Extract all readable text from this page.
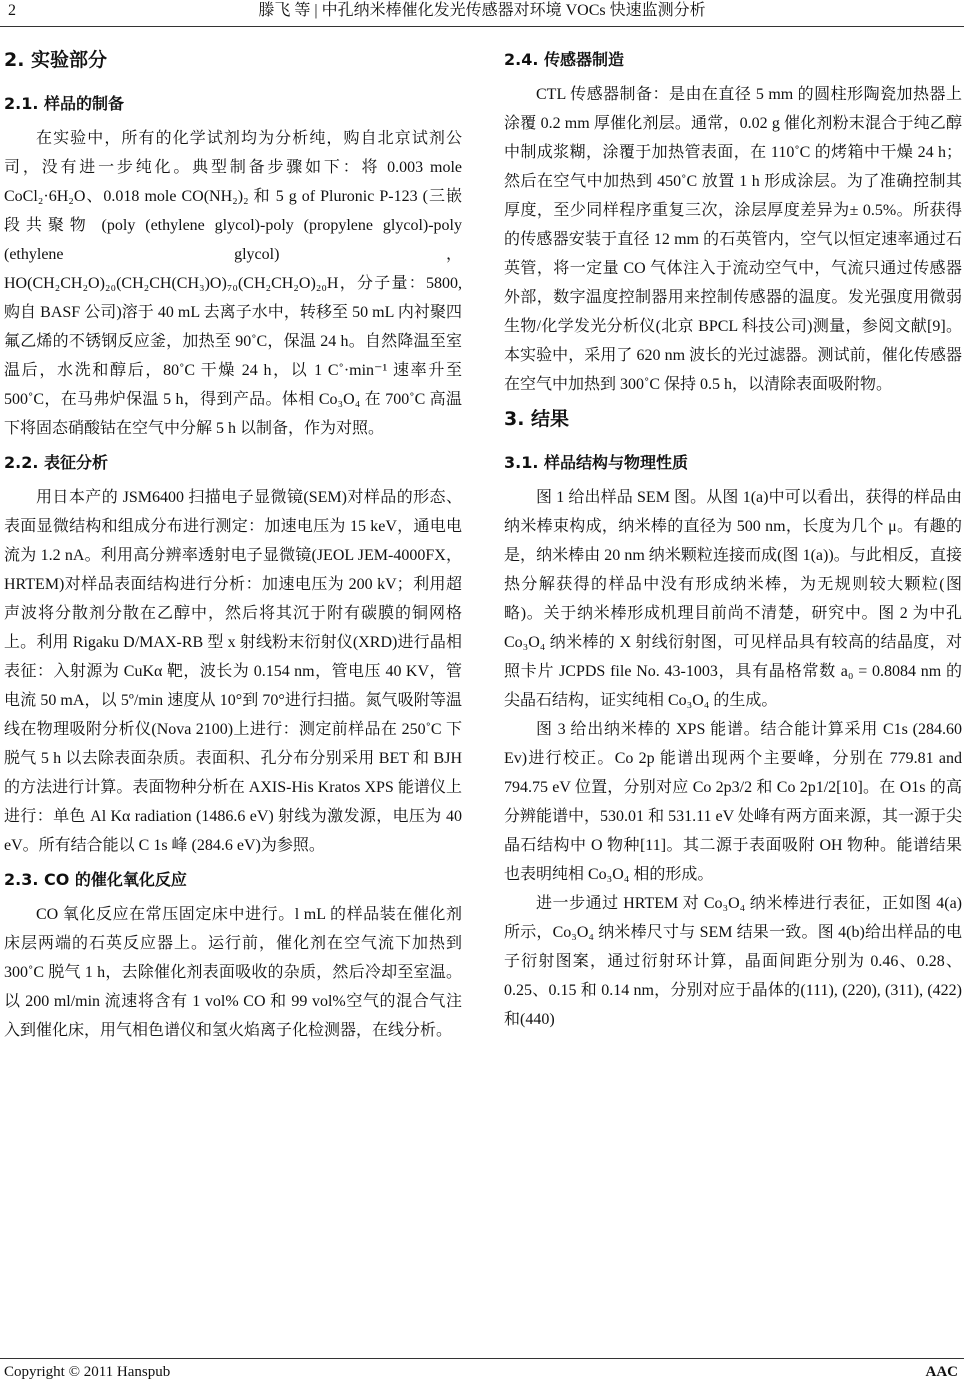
2	滕飞 等 | 中孔纳米棒催化发光传感器对环境 VOCs 快速监测分析
2. 实验部分
2.1. 样品的制备

在实验中，所有的化学试剂均为分析纯，购自北京试剂公司，没有进一步纯化。典型制备步骤如下：将 0.003 mole CoCl₂·6H₂O、0.018 mole CO(NH₂)₂ 和 5 g of Pluronic P-123 (三嵌段共聚物 (poly (ethylene glycol)-poly (propylene glycol)-poly (ethylene glycol)，HO(CH₂CH₂O)₂₀(CH₂CH(CH₃)O)₇₀(CH₂CH₂O)₂₀H，分子量：5800, 购自 BASF 公司)溶于 40 mL 去离子水中，转移至 50 mL 内衬聚四氟乙烯的不锈钢反应釜，加热至 90˚C，保温 24 h。自然降温至室温后，水洗和醇后，80˚C 干燥 24 h，以 1 C˚·min⁻¹ 速率升至 500˚C，在马弗炉保温 5 h，得到产品。体相 Co₃O₄ 在 700˚C 高温下将固态硝酸钴在空气中分解 5 h 以制备，作为对照。

2.2. 表征分析

用日本产的 JSM6400 扫描电子显微镜(SEM)对样品的形态、表面显微结构和组成分布进行测定：加速电压为 15 keV，通电电流为 1.2 nA。利用高分辨率透射电子显微镜(JEOL JEM-4000FX，HRTEM)对样品表面结构进行分析：加速电压为 200 kV；利用超声波将分散剂分散在乙醇中，然后将其沉于附有碳膜的铜网格上。利用 Rigaku D/MAX-RB 型 x 射线粉末衍射仪(XRD)进行晶相表征：入射源为 CuKα 靶，波长为 0.154 nm，管电压 40 KV，管电流 50 mA，以 5º/min 速度从 10°到 70°进行扫描。氮气吸附等温线在物理吸附分析仪(Nova 2100)上进行：测定前样品在 250˚C 下脱气 5 h 以去除表面杂质。表面积、孔分布分别采用 BET 和 BJH 的方法进行计算。表面物种分析在 AXIS-His Kratos XPS 能谱仪上进行：单色 Al Kα radiation (1486.6 eV) 射线为激发源，电压为 40 eV。所有结合能以 C 1s 峰 (284.6 eV)为参照。

2.3. CO 的催化氧化反应

CO 氧化反应在常压固定床中进行。l mL 的样品装在催化剂床层两端的石英反应器上。运行前，催化剂在空气流下加热到 300˚C 脱气 1 h，去除催化剂表面吸收的杂质，然后冷却至室温。以 200 ml/min 流速将含有 1 vol% CO 和 99 vol%空气的混合气注入到催化床，用气相色谱仪和氢火焰离子化检测器，在线分析。

2.4. 传感器制造

CTL 传感器制备：是由在直径 5 mm 的圆柱形陶瓷加热器上涂覆 0.2 mm 厚催化剂层。通常，0.02 g 催化剂粉末混合于纯乙醇中制成浆糊，涂覆于加热管表面，在 110˚C 的烤箱中干燥 24 h；然后在空气中加热到 450˚C 放置 1 h 形成涂层。为了准确控制其厚度，至少同样程序重复三次，涂层厚度差异为± 0.5%。所获得的传感器安装于直径 12 mm 的石英管内，空气以恒定速率通过石英管，将一定量 CO 气体注入于流动空气中，气流只通过传感器外部，数字温度控制器用来控制传感器的温度。发光强度用微弱生物/化学发光分析仪(北京 BPCL 科技公司)测量，参阅文献[9]。本实验中，采用了 620 nm 波长的光过滤器。测试前，催化传感器在空气中加热到 300˚C 保持 0.5 h，以清除表面吸附物。

3. 结果
3.1. 样品结构与物理性质

图 1 给出样品 SEM 图。从图 1(a)中可以看出，获得的样品由纳米棒束构成，纳米棒的直径为 500 nm，长度为几个 μ。有趣的是，纳米棒由 20 nm 纳米颗粒连接而成(图 1(a))。与此相反，直接热分解获得的样品中没有形成纳米棒，为无规则较大颗粒(图略)。关于纳米棒形成机理目前尚不清楚，研究中。图 2 为中孔 Co₃O₄ 纳米棒的 X 射线衍射图，可见样品具有较高的结晶度，对照卡片 JCPDS file No. 43-1003，具有晶格常数 a₀ = 0.8084 nm 的尖晶石结构，证实纯相 Co₃O₄ 的生成。

图 3 给出纳米棒的 XPS 能谱。结合能计算采用 C1s (284.60 Ev)进行校正。Co 2p 能谱出现两个主要峰，分别在 779.81 and 794.75 eV 位置，分别对应 Co 2p3/2 和 Co 2p1/2[10]。在 O1s 的高分辨能谱中，530.01 和 531.11 eV 处峰有两方面来源，其一源于尖晶石结构中 O 物种[11]。其二源于表面吸附 OH 物种。能谱结果也表明纯相 Co₃O₄ 相的形成。

进一步通过 HRTEM 对 Co₃O₄ 纳米棒进行表征，正如图 4(a)所示，Co₃O₄ 纳米棒尺寸与 SEM 结果一致。图 4(b)给出样品的电子衍射图案，通过衍射环计算，晶面间距分别为 0.46、0.28、0.25、0.15 和 0.14 nm，分别对应于晶体的(111), (220), (311), (422)和(440)

Copyright © 2011 Hanspub	AAC
